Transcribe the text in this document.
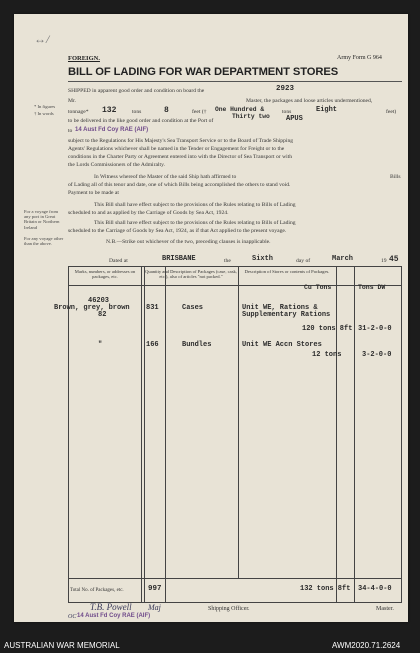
↔/
FOREIGN.	Army Form G 964
BILL OF LADING FOR WAR DEPARTMENT STORES
* In figures
† In words
For a voyage from any port in Great Britain or Northern Ireland
For any voyage other than the above.
SHIPPED in apparent good order and condition on board the	2923
Mr.	Master, the packages and loose articles undermentioned,
tonnage* 132	tons	8	feet († One Hundred &
Thirty two
tons	Eight	feet)
to be delivered in the like good order and condition at the Port of	APUS
to 14 Aust Fd Coy RAE (AIF)
subject to the Regulations for His Majesty's Sea Transport Service or to the Board of Trade Shipping
Agents' Regulations whichever shall be named in the Tender or Engagement for Freight or to the
conditions in the Charter Party or Agreement entered into with the Director of Sea Transport or with
the Lords Commissioners of the Admiralty.
In Witness whereof the Master of the said Ship hath affirmed to	Bills
of Lading all of this tenor and date, one of which Bills being accomplished the others to stand void.
Payment to be made at
This Bill shall have effect subject to the provisions of the Rules relating to Bills of Lading
scheduled to and as applied by the Carriage of Goods by Sea Act, 1924.
This Bill shall have effect subject to the provisions of the Rules relating to Bills of Lading
scheduled to the Carriage of Goods by Sea Act, 1924, as if that Act applied to the present voyage.
N.B.—Strike out whichever of the two, preceding clauses is inapplicable.
Dated at	BRISBANE	the	Sixth	day of	March	19 45
Marks, numbers, or addresses on packages, etc.
Quantity and Description of Packages (case, cask, etc.), also of articles "not packed."
Description of Stores or contents of Packages.
Cu Tons	Tons DW
46203
Brown, grey, brown
82
831	Cases	Unit WE, Rations &
Supplementary Rations
120 tons 8ft 31-2-0-0
"	166	Bundles	Unit WE Accn Stores
12 tons	3-2-0-0
Total No. of Packages, etc.	997	132 tons 8ft 34-4-0-0
T.B. Powell Maj	Shipping Officer.	Master.
OC 14 Aust Fd Coy RAE (AIF)
AUSTRALIAN WAR MEMORIAL	AWM2020.71.2624
